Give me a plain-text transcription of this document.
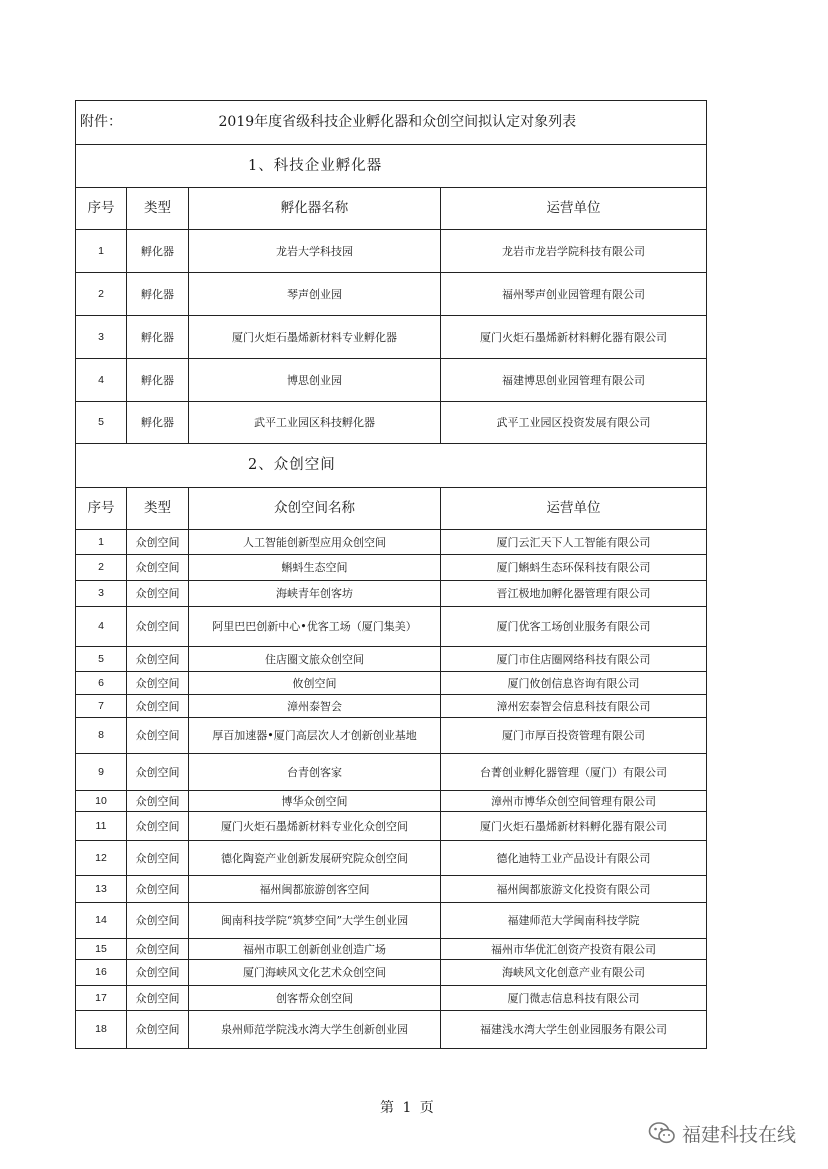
附件：	2019年度省级科技企业孵化器和众创空间拟认定对象列表		
1、科技企业孵化器			
序号	类型	孵化器名称	运营单位
1	孵化器	龙岩大学科技园	龙岩市龙岩学院科技有限公司
2	孵化器	琴声创业园	福州琴声创业园管理有限公司
3	孵化器	厦门火炬石墨烯新材料专业孵化器	厦门火炬石墨烯新材料孵化器有限公司
4	孵化器	博思创业园	福建博思创业园管理有限公司
5	孵化器	武平工业园区科技孵化器	武平工业园区投资发展有限公司
2、众创空间			
序号	类型	众创空间名称	运营单位
1	众创空间	人工智能创新型应用众创空间	厦门云汇天下人工智能有限公司
2	众创空间	蝌蚪生态空间	厦门蝌蚪生态环保科技有限公司
3	众创空间	海峡青年创客坊	晋江极地加孵化器管理有限公司
4	众创空间	阿里巴巴创新中心•优客工场（厦门集美）	厦门优客工场创业服务有限公司
5	众创空间	住店圈文旅众创空间	厦门市住店圈网络科技有限公司
6	众创空间	攸创空间	厦门攸创信息咨询有限公司
7	众创空间	漳州泰智会	漳州宏泰智会信息科技有限公司
8	众创空间	厚百加速器•厦门高层次人才创新创业基地	厦门市厚百投资管理有限公司
9	众创空间	台青创客家	台菁创业孵化器管理（厦门）有限公司
10	众创空间	博华众创空间	漳州市博华众创空间管理有限公司
11	众创空间	厦门火炬石墨烯新材料专业化众创空间	厦门火炬石墨烯新材料孵化器有限公司
12	众创空间	德化陶瓷产业创新发展研究院众创空间	德化迪特工业产品设计有限公司
13	众创空间	福州闽都旅游创客空间	福州闽都旅游文化投资有限公司
14	众创空间	闽南科技学院“筑梦空间”大学生创业园	福建师范大学闽南科技学院
15	众创空间	福州市职工创新创业创造广场	福州市华优汇创资产投资有限公司
16	众创空间	厦门海峡风文化艺术众创空间	海峡风文化创意产业有限公司
17	众创空间	创客帮众创空间	厦门微志信息科技有限公司
18	众创空间	泉州师范学院浅水湾大学生创新创业园	福建浅水湾大学生创业园服务有限公司
第 1 页
福建科技在线
